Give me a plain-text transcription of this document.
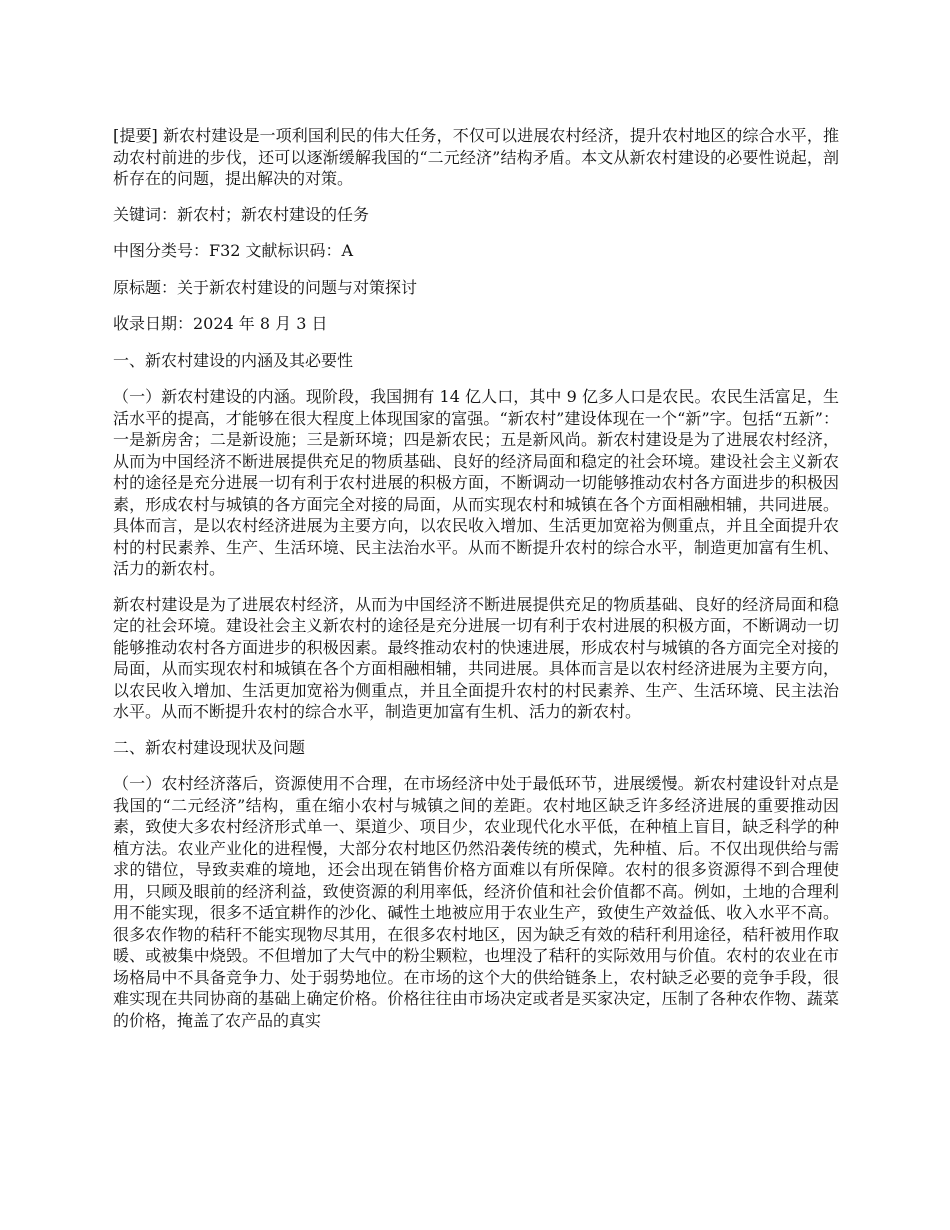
[提要] 新农村建设是一项利国利民的伟大任务，不仅可以进展农村经济，提升农村地区的综合水平，推动农村前进的步伐，还可以逐渐缓解我国的“二元经济”结构矛盾。本文从新农村建设的必要性说起，剖析存在的问题，提出解决的对策。

关键词：新农村；新农村建设的任务

中图分类号：F32 文献标识码：A

原标题：关于新农村建设的问题与对策探讨

收录日期：2024 年 8 月 3 日

一、新农村建设的内涵及其必要性

（一）新农村建设的内涵。现阶段，我国拥有 14 亿人口，其中 9 亿多人口是农民。农民生活富足，生活水平的提高，才能够在很大程度上体现国家的富强。“新农村”建设体现在一个“新”字。包括“五新”：一是新房舍；二是新设施；三是新环境；四是新农民；五是新风尚。新农村建设是为了进展农村经济，从而为中国经济不断进展提供充足的物质基础、良好的经济局面和稳定的社会环境。建设社会主义新农村的途径是充分进展一切有利于农村进展的积极方面，不断调动一切能够推动农村各方面进步的积极因素，形成农村与城镇的各方面完全对接的局面，从而实现农村和城镇在各个方面相融相辅，共同进展。具体而言，是以农村经济进展为主要方向，以农民收入增加、生活更加宽裕为侧重点，并且全面提升农村的村民素养、生产、生活环境、民主法治水平。从而不断提升农村的综合水平，制造更加富有生机、活力的新农村。

新农村建设是为了进展农村经济，从而为中国经济不断进展提供充足的物质基础、良好的经济局面和稳定的社会环境。建设社会主义新农村的途径是充分进展一切有利于农村进展的积极方面，不断调动一切能够推动农村各方面进步的积极因素。最终推动农村的快速进展，形成农村与城镇的各方面完全对接的局面，从而实现农村和城镇在各个方面相融相辅，共同进展。具体而言是以农村经济进展为主要方向，以农民收入增加、生活更加宽裕为侧重点，并且全面提升农村的村民素养、生产、生活环境、民主法治水平。从而不断提升农村的综合水平，制造更加富有生机、活力的新农村。

二、新农村建设现状及问题

（一）农村经济落后，资源使用不合理，在市场经济中处于最低环节，进展缓慢。新农村建设针对点是我国的“二元经济”结构，重在缩小农村与城镇之间的差距。农村地区缺乏许多经济进展的重要推动因素，致使大多农村经济形式单一、渠道少、项目少，农业现代化水平低，在种植上盲目，缺乏科学的种植方法。农业产业化的进程慢，大部分农村地区仍然沿袭传统的模式，先种植、后。不仅出现供给与需求的错位，导致卖难的境地，还会出现在销售价格方面难以有所保障。农村的很多资源得不到合理使用，只顾及眼前的经济利益，致使资源的利用率低，经济价值和社会价值都不高。例如，土地的合理利用不能实现，很多不适宜耕作的沙化、碱性土地被应用于农业生产，致使生产效益低、收入水平不高。很多农作物的秸秆不能实现物尽其用，在很多农村地区，因为缺乏有效的秸秆利用途径，秸秆被用作取暖、或被集中烧毁。不但增加了大气中的粉尘颗粒，也埋没了秸秆的实际效用与价值。农村的农业在市场格局中不具备竞争力、处于弱势地位。在市场的这个大的供给链条上，农村缺乏必要的竞争手段，很难实现在共同协商的基础上确定价格。价格往往由市场决定或者是买家决定，压制了各种农作物、蔬菜的价格，掩盖了农产品的真实
